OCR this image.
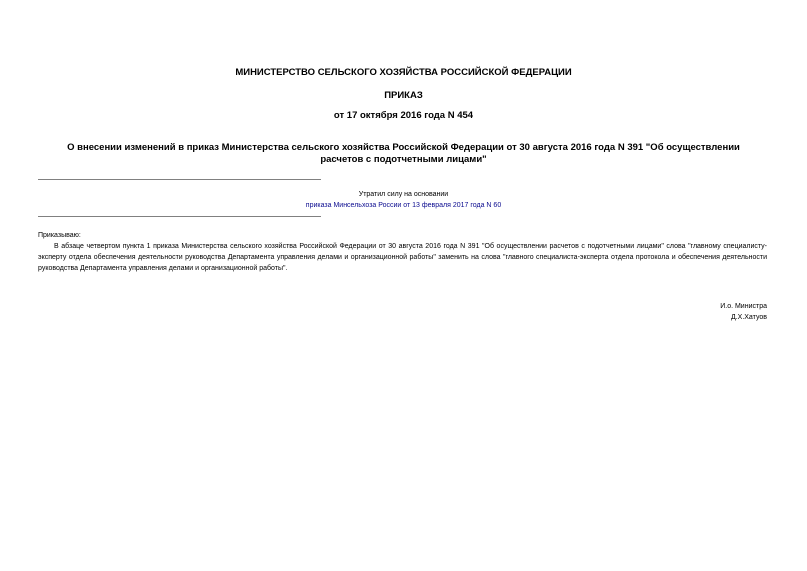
МИНИСТЕРСТВО СЕЛЬСКОГО ХОЗЯЙСТВА РОССИЙСКОЙ ФЕДЕРАЦИИ
ПРИКАЗ
от 17 октября 2016 года N 454
О внесении изменений в приказ Министерства сельского хозяйства Российской Федерации от 30 августа 2016 года N 391 "Об осуществлении расчетов с подотчетными лицами"
Утратил силу на основании
приказа Минсельхоза России от 13 февраля 2017 года N 60
Приказываю:
В абзаце четвертом пункта 1 приказа Министерства сельского хозяйства Российской Федерации от 30 августа 2016 года N 391 "Об осуществлении расчетов с подотчетными лицами" слова "главному специалисту-эксперту отдела обеспечения деятельности руководства Департамента управления делами и организационной работы" заменить на слова "главного специалиста-эксперта отдела протокола и обеспечения деятельности руководства Департамента управления делами и организационной работы".
И.о. Министра
Д.Х.Хатуов
